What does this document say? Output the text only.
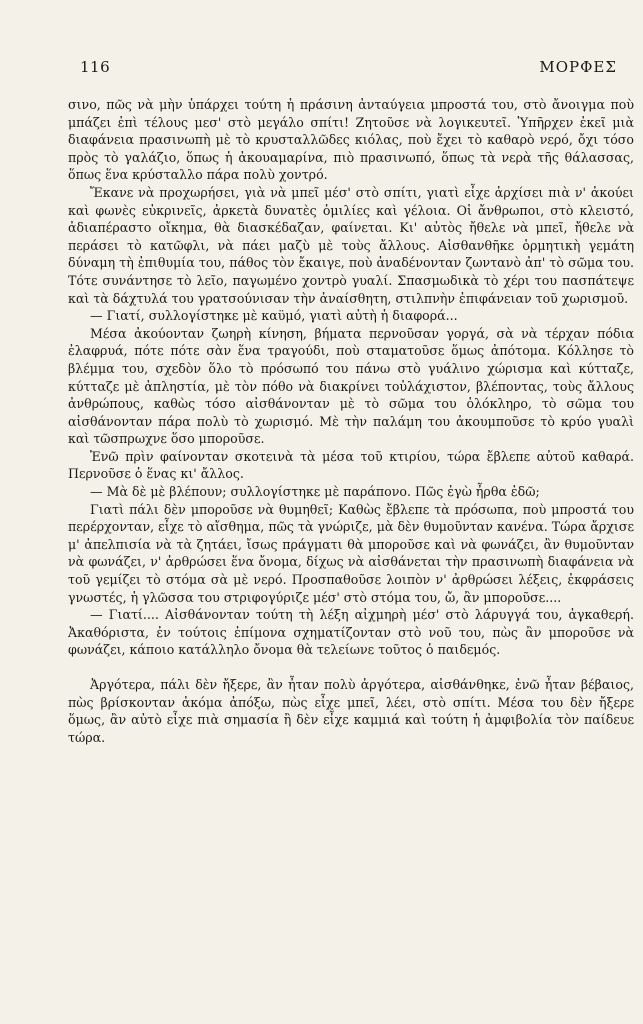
116	ΜΟΡΦΕΣ

σινο, πῶς νὰ μὴν ὑπάρχει τούτη ἡ πράσινη ἀνταύγεια μπροστά του, στὸ ἄνοιγμα ποὺ μπάζει ἐπὶ τέλους μεσ' στὸ μεγάλο σπίτι! Ζητοῦσε νὰ λογικευτεῖ. Ὑπῆρχεν ἐκεῖ μιὰ διαφάνεια πρασινωπὴ μὲ τὸ κρυσταλλῶδες κιόλας, ποὺ ἔχει τὸ καθαρὸ νερό, ὄχι τόσο πρὸς τὸ γαλάζιο, ὅπως ἡ ἀκουαμαρίνα, πιὸ πρασινωπό, ὅπως τὰ νερὰ τῆς θάλασσας, ὅπως ἕνα κρύσταλλο πάρα πολὺ χοντρό.

Ἔκανε νὰ προχωρήσει, γιὰ νὰ μπεῖ μέσ' στὸ σπίτι, γιατὶ εἶχε ἀρχίσει πιὰ ν' ἀκούει καὶ φωνὲς εὐκρινεῖς, ἀρκετὰ δυνατὲς ὁμιλίες καὶ γέλοια. Οἱ ἄνθρωποι, στὸ κλειστό, ἀδιαπέραστο οἴκημα, θὰ διασκέδαζαν, φαίνεται. Κι' αὐτὸς ἤθελε νὰ μπεῖ, ἤθελε νὰ περάσει τὸ κατῶφλι, νὰ πάει μαζὺ μὲ τοὺς ἄλλους. Αἰσθανθῆκε ὁρμητικὴ γεμάτη δύναμη τὴ ἐπιθυμία του, πάθος τὸν ἔκαιγε, ποὺ ἀναδένονταν ζωντανὸ ἀπ' τὸ σῶμα του. Τότε συνάντησε τὸ λεῖο, παγωμένο χοντρὸ γυαλί. Σπασμωδικὰ τὸ χέρι του πασπάτεψε καὶ τὰ δάχτυλά του γρατσούνισαν τὴν ἀναίσθητη, στιλπνὴν ἐπιφάνειαν τοῦ χωρισμοῦ.

— Γιατί, συλλογίστηκε μὲ καϋμό, γιατὶ αὐτὴ ἡ διαφορά...

Μέσα ἀκούονταν ζωηρὴ κίνηση, βήματα περνοῦσαν γοργά, σὰ νὰ τέρχαν πόδια ἐλαφρυά, πότε πότε σὰν ἕνα τραγούδι, ποὺ σταματοῦσε ὅμως ἀπότομα. Κόλλησε τὸ βλέμμα του, σχεδὸν ὅλο τὸ πρόσωπό του πάνω στὸ γυάλινο χώρισμα καὶ κύτταζε, κύτταζε μὲ ἀπληστία, μὲ τὸν πόθο νὰ διακρίνει τοὐλάχιστον, βλέποντας, τοὺς ἄλλους ἀνθρώπους, καθὼς τόσο αἰσθάνονταν μὲ τὸ σῶμα του ὁλόκληρο, τὸ σῶμα του αἰσθάνονταν πάρα πολὺ τὸ χωρισμό. Μὲ τὴν παλάμη του ἀκουμποῦσε τὸ κρύο γυαλὶ καὶ τῶσπρωχνε ὅσο μποροῦσε.

Ἐνῶ πρὶν φαίνονταν σκοτεινὰ τὰ μέσα τοῦ κτιρίου, τώρα ἔβλεπε αὐτοῦ καθαρά. Περνοῦσε ὁ ἕνας κι' ἄλλος.

— Μὰ δὲ μὲ βλέπουν; συλλογίστηκε μὲ παράπονο. Πῶς ἐγὼ ἦρθα ἐδῶ;

Γιατὶ πάλι δὲν μποροῦσε νὰ θυμηθεῖ; Καθὼς ἔβλεπε τὰ πρόσωπα, ποὺ μπροστά του περέρχονταν, εἶχε τὸ αἴσθημα, πῶς τὰ γνώριζε, μὰ δὲν θυμοῦνταν κανένα. Τώρα ἄρχισε μ' ἀπελπισία νὰ τὰ ζητάει, ἴσως πράγματι θὰ μποροῦσε καὶ νὰ φωνάζει, ἂν θυμοῦνταν νὰ φωνάζει, ν' ἀρθρώσει ἕνα ὄνομα, δίχως νὰ αἰσθάνεται τὴν πρασινωπὴ διαφάνεια νὰ τοῦ γεμίζει τὸ στόμα σὰ μὲ νερό. Προσπαθοῦσε λοιπὸν ν' ἀρθρώσει λέξεις, ἐκφράσεις γνωστές, ἡ γλῶσσα του στριφογύριζε μέσ' στὸ στόμα του, ὤ, ἂν μποροῦσε....

— Γιατί.... Αἰσθάνονταν τούτη τὴ λέξη αἰχμηρὴ μέσ' στὸ λάρυγγά του, ἀγκαθερή. Ἀκαθόριστα, ἐν τούτοις ἐπίμονα σχηματίζονταν στὸ νοῦ του, πὼς ἂν μποροῦσε νὰ φωνάζει, κάποιο κατάλληλο ὄνομα θὰ τελείωνε τοῦτος ὁ παιδεμός.

Ἀργότερα, πάλι δὲν ἤξερε, ἂν ἦταν πολὺ ἀργότερα, αἰσθάνθηκε, ἐνῶ ἦταν βέβαιος, πὼς βρίσκονταν ἀκόμα ἀπόξω, πὼς εἶχε μπεῖ, λέει, στὸ σπίτι. Μέσα του δὲν ἤξερε ὅμως, ἂν αὐτὸ εἶχε πιὰ σημασία ἢ δὲν εἶχε καμμιά καὶ τούτη ἡ ἀμφιβολία τὸν παίδευε τώρα.
